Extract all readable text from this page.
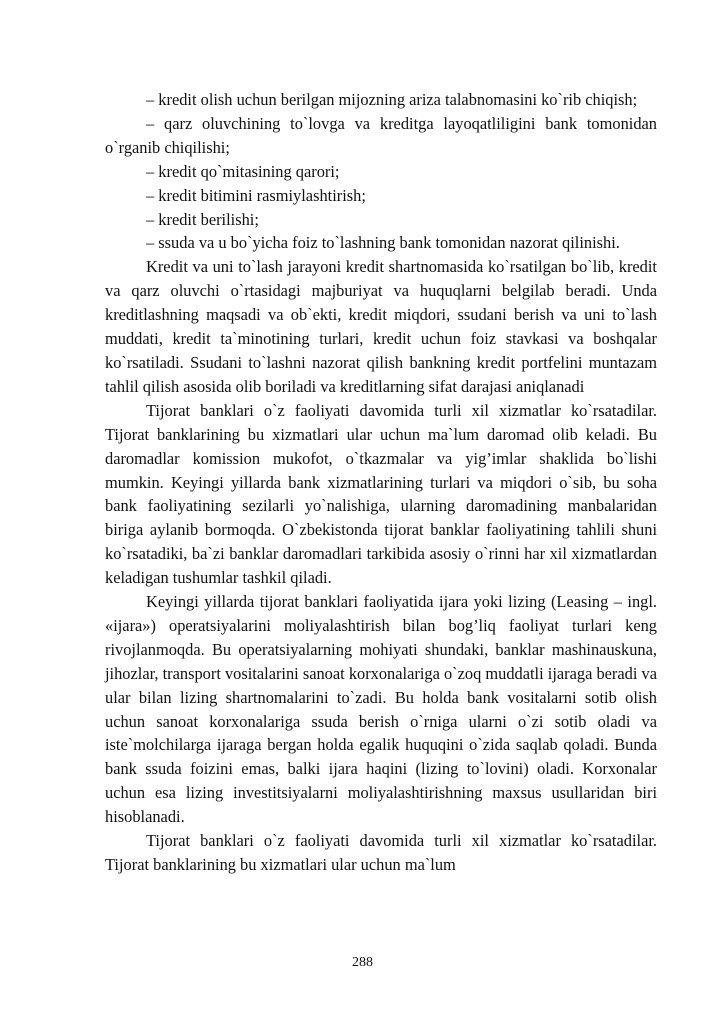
– kredit olish uchun berilgan mijozning ariza talabnomasini ko`rib chiqish;

– qarz oluvchining to`lovga va kreditga layoqatliligini bank tomonidan o`rganib chiqilishi;

– kredit qo`mitasining qarori;

– kredit bitimini rasmiylashtirish;

– kredit berilishi;

– ssuda va u bo`yicha foiz to`lashning bank tomonidan nazorat qilinishi.

Kredit va uni to`lash jarayoni kredit shartnomasida ko`rsatilgan bo`lib, kredit va qarz oluvchi o`rtasidagi majburiyat va huquqlarni belgilab beradi. Unda kreditlashning maqsadi va ob`ekti, kredit miqdori, ssudani berish va uni to`lash muddati, kredit ta`minotining turlari, kredit uchun foiz stavkasi va boshqalar ko`rsatiladi. Ssudani to`lashni nazorat qilish bankning kredit portfelini muntazam tahlil qilish asosida olib boriladi va kreditlarning sifat darajasi aniqlanadi

Tijorat banklari o`z faoliyati davomida turli xil xizmatlar ko`rsatadilar. Tijorat banklarining bu xizmatlari ular uchun ma`lum daromad olib keladi. Bu daromadlar komission mukofot, o`tkazmalar va yig’imlar shaklida bo`lishi mumkin. Keyingi yillarda bank xizmatlarining turlari va miqdori o`sib, bu soha bank faoliyatining sezilarli yo`nalishiga, ularning daromadining manbalaridan biriga aylanib bormoqda. O`zbekistonda tijorat banklar faoliyatining tahlili shuni ko`rsatadiki, ba`zi banklar daromadlari tarkibida asosiy o`rinni har xil xizmatlardan keladigan tushumlar tashkil qiladi.

Keyingi yillarda tijorat banklari faoliyatida ijara yoki lizing (Leasing – ingl. «ijara») operatsiyalarini moliyalashtirish bilan bog’liq faoliyat turlari keng rivojlanmoqda. Bu operatsiyalarning mohiyati shundaki, banklar mashinauskuna, jihozlar, transport vositalarini sanoat korxonalariga o`zoq muddatli ijaraga beradi va ular bilan lizing shartnomalarini to`zadi. Bu holda bank vositalarni sotib olish uchun sanoat korxonalariga ssuda berish o`rniga ularni o`zi sotib oladi va iste`molchilarga ijaraga bergan holda egalik huquqini o`zida saqlab qoladi. Bunda bank ssuda foizini emas, balki ijara haqini (lizing to`lovini) oladi. Korxonalar uchun esa lizing investitsiyalarni moliyalashtirishning maxsus usullaridan biri hisoblanadi.

Tijorat banklari o`z faoliyati davomida turli xil xizmatlar ko`rsatadilar. Tijorat banklarining bu xizmatlari ular uchun ma`lum

288
